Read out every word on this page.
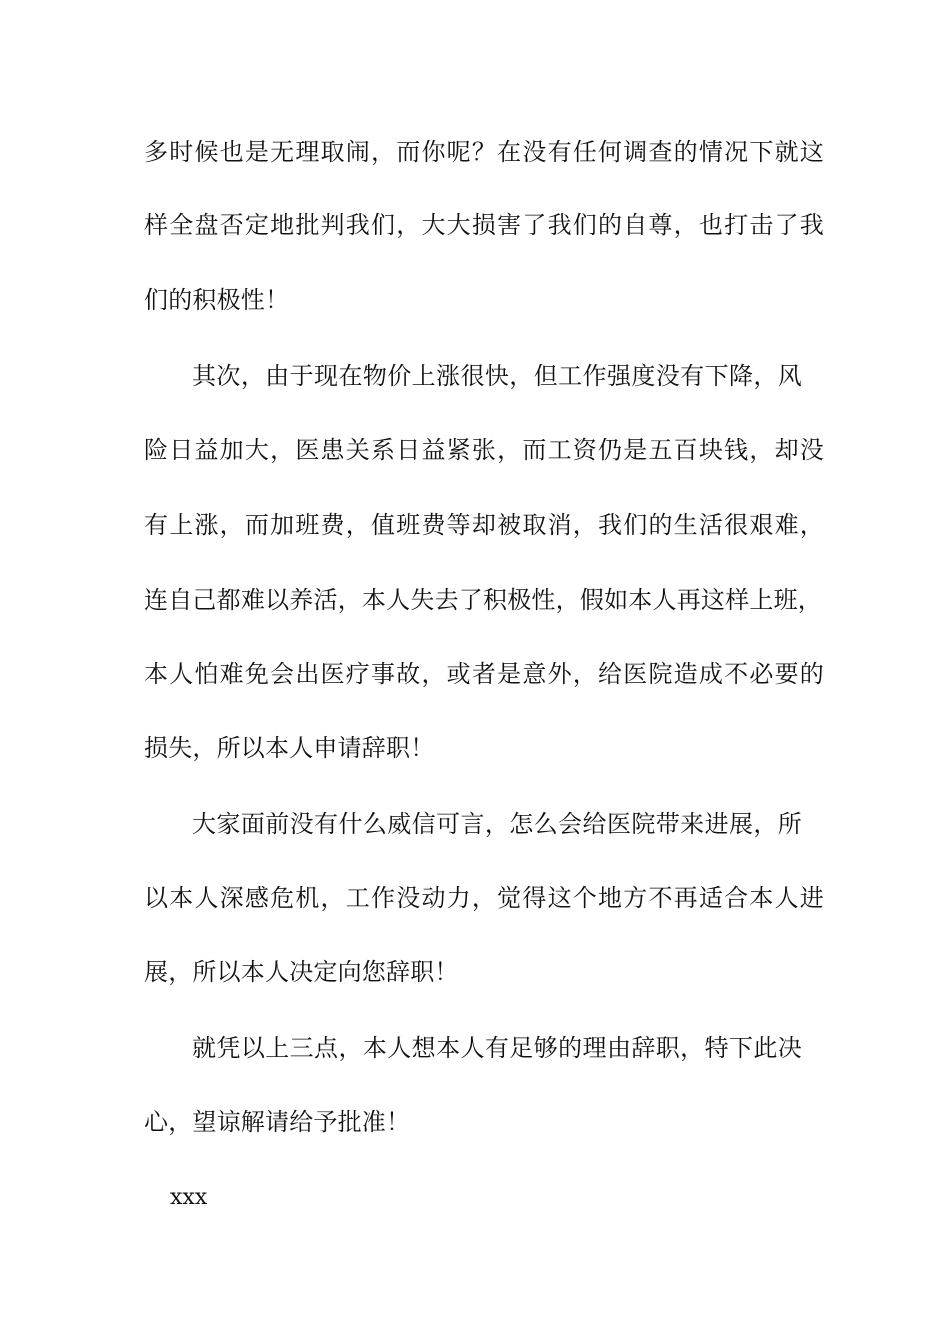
多时候也是无理取闹，而你呢？在没有任何调查的情况下就这
样全盘否定地批判我们，大大损害了我们的自尊，也打击了我
们的积极性！
其次，由于现在物价上涨很快，但工作强度没有下降，风
险日益加大，医患关系日益紧张，而工资仍是五百块钱，却没
有上涨，而加班费，值班费等却被取消，我们的生活很艰难，
连自己都难以养活，本人失去了积极性，假如本人再这样上班，
本人怕难免会出医疗事故，或者是意外，给医院造成不必要的
损失，所以本人申请辞职！
大家面前没有什么威信可言，怎么会给医院带来进展，所
以本人深感危机，工作没动力，觉得这个地方不再适合本人进
展，所以本人决定向您辞职！
就凭以上三点，本人想本人有足够的理由辞职，特下此决
心，望谅解请给予批准！
xxx
